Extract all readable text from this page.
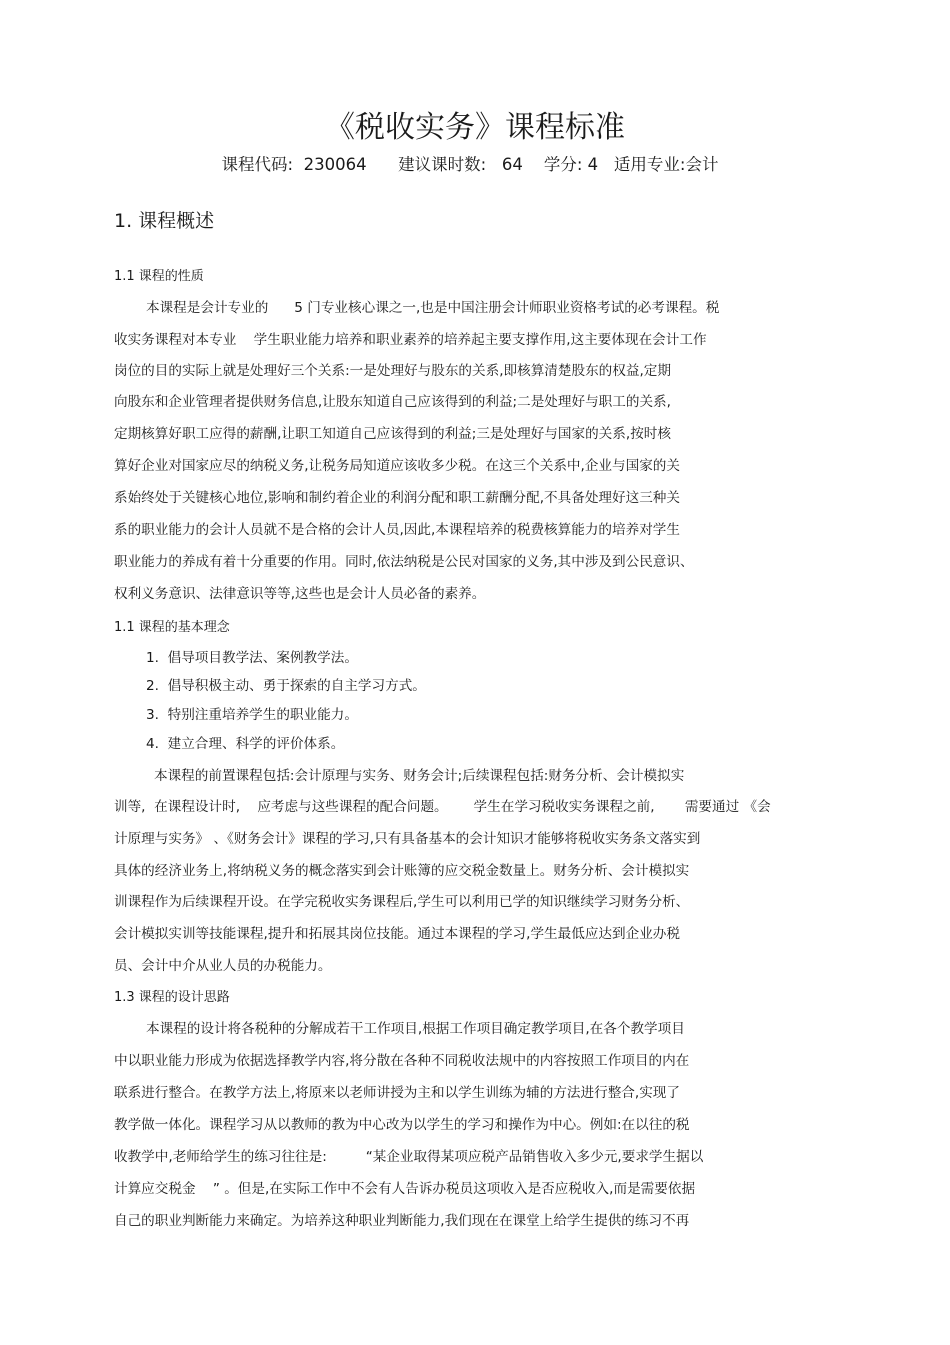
《税收实务》课程标准
课程代码: 230064 建议课时数: 64 学分: 4 适用专业:会计
1. 课程概述
1.1 课程的性质
本课程是会计专业的      5 门专业核心课之一,也是中国注册会计师职业资格考试的必考课程。税
收实务课程对本专业    学生职业能力培养和职业素养的培养起主要支撑作用,这主要体现在会计工作
岗位的目的实际上就是处理好三个关系:一是处理好与股东的关系,即核算清楚股东的权益,定期
向股东和企业管理者提供财务信息,让股东知道自己应该得到的利益;二是处理好与职工的关系,
定期核算好职工应得的薪酬,让职工知道自己应该得到的利益;三是处理好与国家的关系,按时核
算好企业对国家应尽的纳税义务,让税务局知道应该收多少税。在这三个关系中,企业与国家的关
系始终处于关键核心地位,影响和制约着企业的利润分配和职工薪酬分配,不具备处理好这三种关
系的职业能力的会计人员就不是合格的会计人员,因此,本课程培养的税费核算能力的培养对学生
职业能力的养成有着十分重要的作用。同时,依法纳税是公民对国家的义务,其中涉及到公民意识、
权利义务意识、法律意识等等,这些也是会计人员必备的素养。
1.1 课程的基本理念
1.  倡导项目教学法、案例教学法。
2.  倡导积极主动、勇于探索的自主学习方式。
3.  特别注重培养学生的职业能力。
4.  建立合理、科学的评价体系。
本课程的前置课程包括:会计原理与实务、财务会计;后续课程包括:财务分析、会计模拟实
训等,  在课程设计时,    应考虑与这些课程的配合问题。      学生在学习税收实务课程之前,       需要通过 《会
计原理与实务》 、《财务会计》课程的学习,只有具备基本的会计知识才能够将税收实务条文落实到
具体的经济业务上,将纳税义务的概念落实到会计账簿的应交税金数量上。财务分析、会计模拟实
训课程作为后续课程开设。在学完税收实务课程后,学生可以利用已学的知识继续学习财务分析、
会计模拟实训等技能课程,提升和拓展其岗位技能。通过本课程的学习,学生最低应达到企业办税
员、会计中介从业人员的办税能力。
1.3 课程的设计思路
本课程的设计将各税种的分解成若干工作项目,根据工作项目确定教学项目,在各个教学项目
中以职业能力形成为依据选择教学内容,将分散在各种不同税收法规中的内容按照工作项目的内在
联系进行整合。在教学方法上,将原来以老师讲授为主和以学生训练为辅的方法进行整合,实现了
教学做一体化。课程学习从以教师的教为中心改为以学生的学习和操作为中心。例如:在以往的税
收教学中,老师给学生的练习往往是:         “某企业取得某项应税产品销售收入多少元,要求学生据以
计算应交税金    ” 。但是,在实际工作中不会有人告诉办税员这项收入是否应税收入,而是需要依据
自己的职业判断能力来确定。为培养这种职业判断能力,我们现在在课堂上给学生提供的练习不再
